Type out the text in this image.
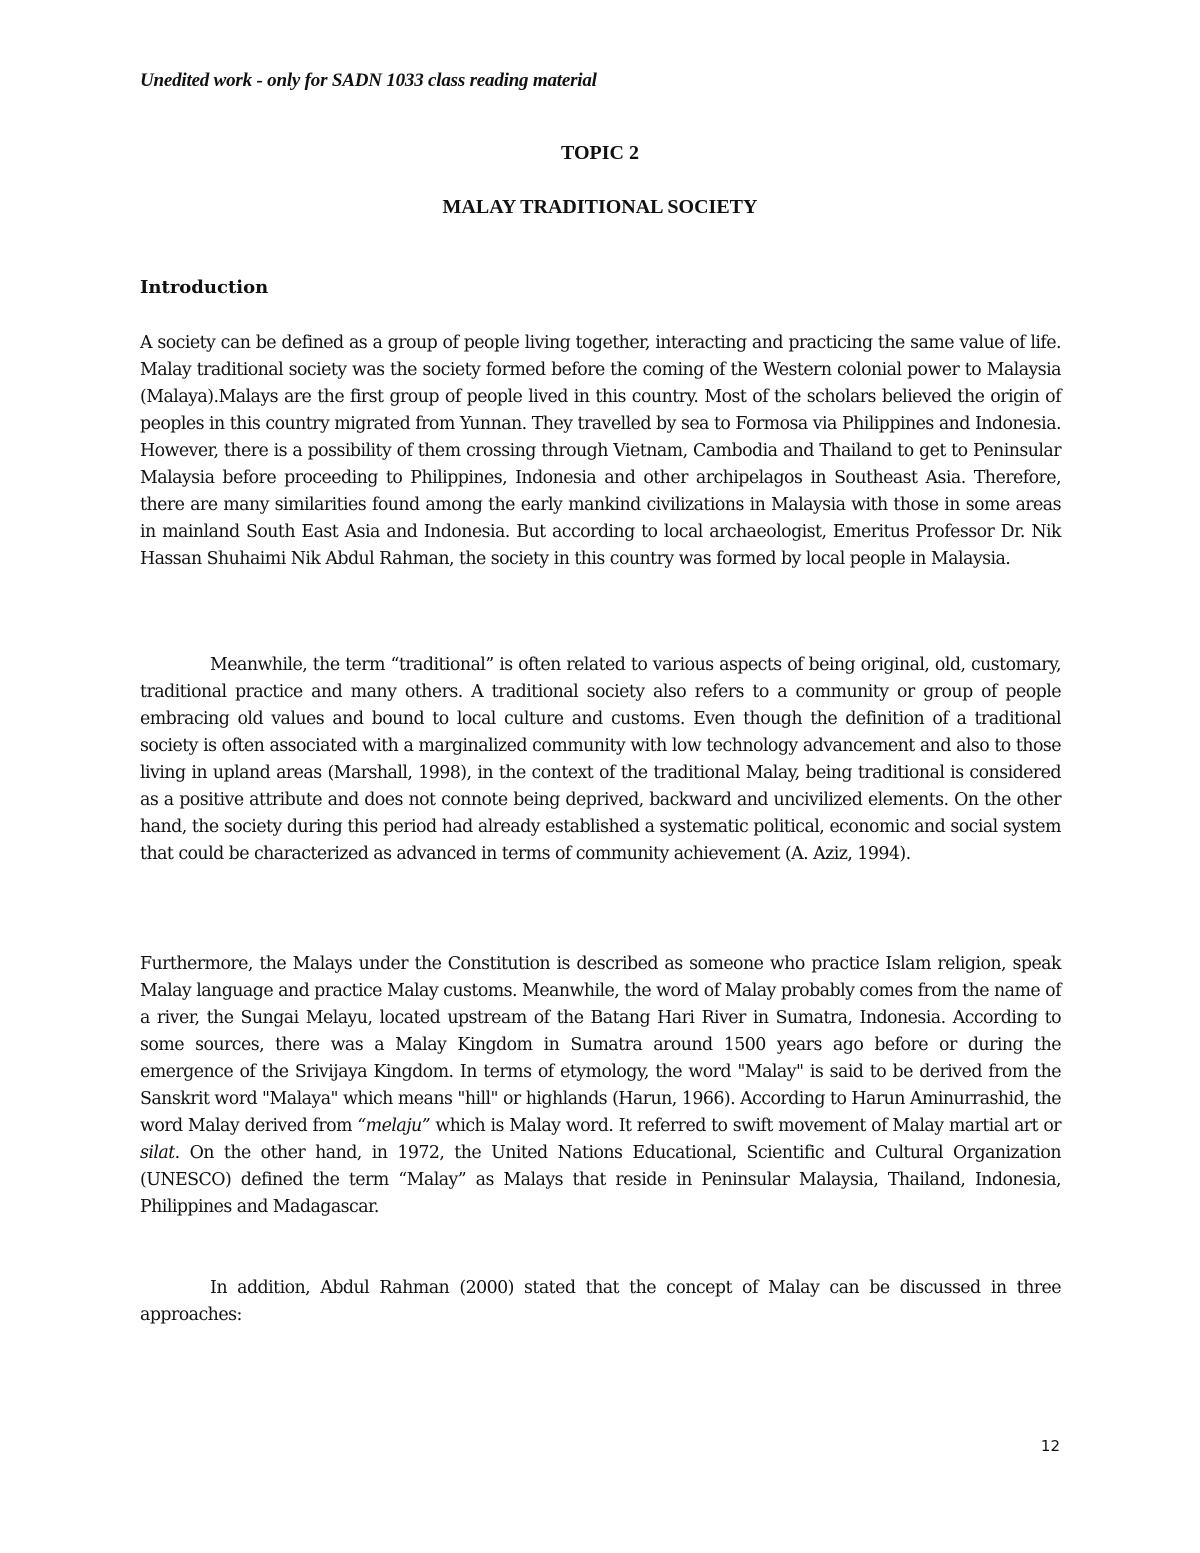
Unedited work - only for SADN 1033 class reading material
TOPIC 2
MALAY TRADITIONAL SOCIETY
Introduction

A society can be defined as a group of people living together, interacting and practicing the same value of life. Malay traditional society was the society formed before the coming of the Western colonial power to Malaysia (Malaya).Malays are the first group of people lived in this country. Most of the scholars believed the origin of peoples in this country migrated from Yunnan. They travelled by sea to Formosa via Philippines and Indonesia. However, there is a possibility of them crossing through Vietnam, Cambodia and Thailand to get to Peninsular Malaysia before proceeding to Philippines, Indonesia and other archipelagos in Southeast Asia. Therefore, there are many similarities found among the early mankind civilizations in Malaysia with those in some areas in mainland South East Asia and Indonesia. But according to local archaeologist, Emeritus Professor Dr. Nik Hassan Shuhaimi Nik Abdul Rahman, the society in this country was formed by local people in Malaysia.

Meanwhile, the term “traditional” is often related to various aspects of being original, old, customary, traditional practice and many others. A traditional society also refers to a community or group of people embracing old values and bound to local culture and customs. Even though the definition of a traditional society is often associated with a marginalized community with low technology advancement and also to those living in upland areas (Marshall, 1998), in the context of the traditional Malay, being traditional is considered as a positive attribute and does not connote being deprived, backward and uncivilized elements. On the other hand, the society during this period had already established a systematic political, economic and social system that could be characterized as advanced in terms of community achievement (A. Aziz, 1994).

Furthermore, the Malays under the Constitution is described as someone who practice Islam religion, speak Malay language and practice Malay customs. Meanwhile, the word of Malay probably comes from the name of a river, the Sungai Melayu, located upstream of the Batang Hari River in Sumatra, Indonesia. According to some sources, there was a Malay Kingdom in Sumatra around 1500 years ago before or during the emergence of the Srivijaya Kingdom. In terms of etymology, the word "Malay" is said to be derived from the Sanskrit word "Malaya" which means "hill" or highlands (Harun, 1966). According to Harun Aminurrashid, the word Malay derived from “melaju” which is Malay word. It referred to swift movement of Malay martial art or silat. On the other hand, in 1972, the United Nations Educational, Scientific and Cultural Organization (UNESCO) defined the term “Malay” as Malays that reside in Peninsular Malaysia, Thailand, Indonesia, Philippines and Madagascar.

In addition, Abdul Rahman (2000) stated that the concept of Malay can be discussed in three approaches:

12
